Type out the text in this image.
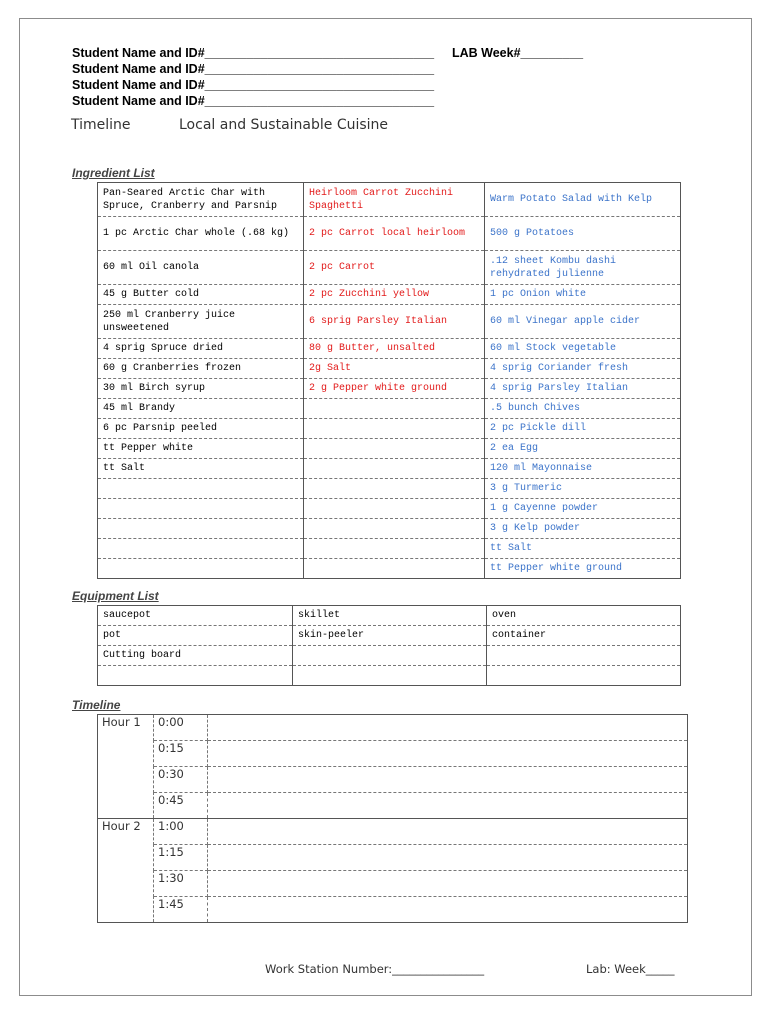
Student Name and ID#_________________________________ LAB Week#_________
Student Name and ID#_________________________________
Student Name and ID#_________________________________
Student Name and ID#_________________________________
Timeline	Local and Sustainable Cuisine
Ingredient List
Pan-Seared Arctic Char with Spruce, Cranberry and Parsnip	Heirloom Carrot Zucchini Spaghetti	Warm Potato Salad with Kelp
1 pc Arctic Char whole (.68 kg)	2 pc Carrot local heirloom	500 g Potatoes
60 ml Oil canola	2 pc Carrot	.12 sheet Kombu dashi rehydrated julienne
45 g Butter cold	2 pc Zucchini yellow	1 pc Onion white
250 ml Cranberry juice unsweetened	6 sprig Parsley Italian	60 ml Vinegar apple cider
4 sprig Spruce dried	80 g Butter, unsalted	60 ml Stock vegetable
60 g Cranberries frozen	2g Salt	4 sprig Coriander fresh
30 ml Birch syrup	2 g Pepper white ground	4 sprig Parsley Italian
45 ml Brandy		.5 bunch Chives
6 pc Parsnip peeled		2 pc Pickle dill
tt Pepper white		2 ea Egg
tt Salt		120 ml Mayonnaise
		3 g Turmeric
		1 g Cayenne powder
		3 g Kelp powder
		tt Salt
		tt Pepper white ground
Equipment List
saucepot	skillet	oven
pot	skin-peeler	container
Cutting board		

Timeline
Hour 1	0:00	
	0:15	
	0:30	
	0:45	
Hour 2	1:00	
	1:15	
	1:30	
	1:45	
Work Station Number:________________	Lab: Week_____
